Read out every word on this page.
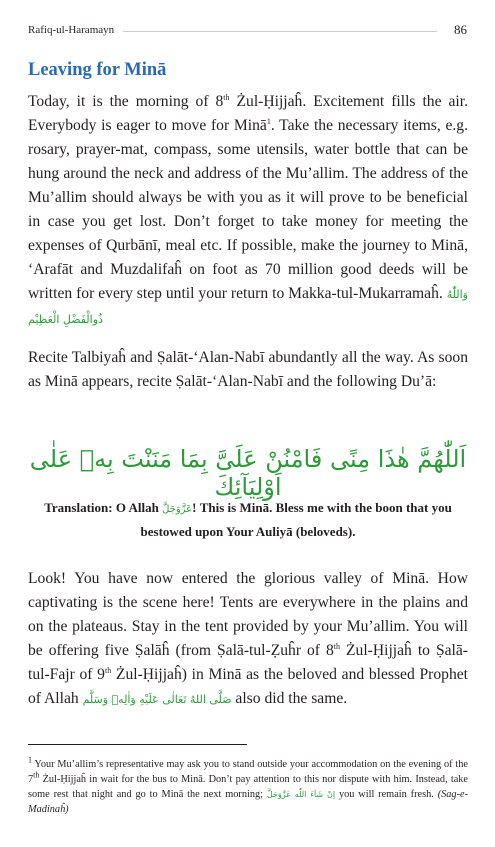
Rafiq-ul-Haramayn	86
Leaving for Minā

Today, it is the morning of 8th Żul-Ḥijjaĥ. Excitement fills the air. Everybody is eager to move for Minā$^1$. Take the necessary items, e.g. rosary, prayer-mat, compass, some utensils, water bottle that can be hung around the neck and address of the Mu’allim. The address of the Mu’allim should always be with you as it will prove to be beneficial in case you get lost. Don’t forget to take money for meeting the expenses of Qurbānī, meal etc. If possible, make the journey to Minā, ‘Arafāt and Muzdalifaĥ on foot as 70 million good deeds will be written for every step until your return to Makka-tul-Mukarramaĥ. وَاللّٰهُ ذُوالْفَضْلِ الْعَظِيْم

Recite Talbiyaĥ and Ṣalāt-‘Alan-Nabī abundantly all the way. As soon as Minā appears, recite Ṣalāt-‘Alan-Nabī and the following Du’ā:

اَللّٰهُمَّ هٰذَا مِنًى فَامْنُنْ عَلَیَّ بِمَا مَنَنْتَ بِهٖ عَلٰی اَوْلِیَآئِكَ
Translation: O Allah عَزَّوَجَلَّ! This is Minā. Bless me with the boon that you bestowed upon Your Auliyā (beloveds).

Look! You have now entered the glorious valley of Minā. How captivating is the scene here! Tents are everywhere in the plains and on the plateaus. Stay in the tent provided by your Mu’allim. You will be offering five Ṣalāĥ (from Ṣalā-tul-Ẓuĥr of 8th Żul-Ḥijjaĥ to Ṣalā-tul-Fajr of 9th Żul-Ḥijjaĥ) in Minā as the beloved and blessed Prophet of Allah صَلَّى اللهُ تَعَالٰى عَلَيْهِ وَاٰلِهٖ وَسَلَّم also did the same.

$^1$ Your Mu’allim’s representative may ask you to stand outside your accommodation on the evening of the 7th Żul-Ḥijjaĥ in wait for the bus to Minā. Don’t pay attention to this nor dispute with him. Instead, take some rest that night and go to Minā the next morning; اِنْ شَآءَ اللّٰه عَزَّوَجَلَّ you will remain fresh. (Sag-e-Madinaĥ)
